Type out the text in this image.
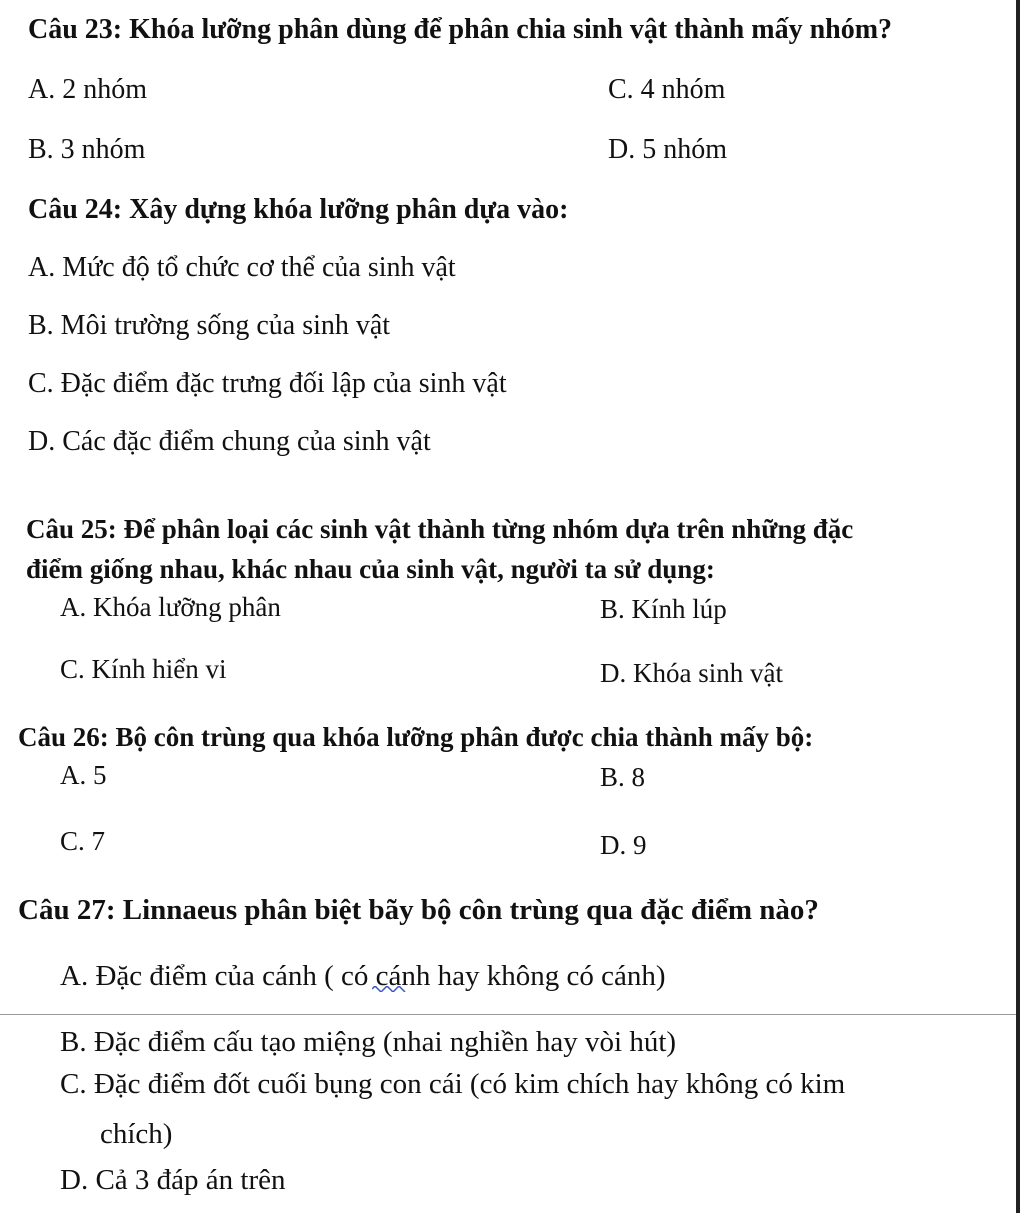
Câu 23: Khóa lưỡng phân dùng để phân chia sinh vật thành mấy nhóm?
A. 2 nhóm	C. 4 nhóm
B. 3 nhóm	D. 5 nhóm
Câu 24: Xây dựng khóa lưỡng phân dựa vào:
A. Mức độ tổ chức cơ thể của sinh vật
B. Môi trường sống của sinh vật
C. Đặc điểm đặc trưng đối lập của sinh vật
D. Các đặc điểm chung của sinh vật
Câu 25: Để phân loại các sinh vật thành từng nhóm dựa trên những đặc
điểm giống nhau, khác nhau của sinh vật, người ta sử dụng:
A. Khóa lưỡng phân	B. Kính lúp
C. Kính hiển vi	D. Khóa sinh vật
Câu 26: Bộ côn trùng qua khóa lưỡng phân được chia thành mấy bộ:
A. 5	B. 8
C. 7	D. 9
Câu 27: Linnaeus phân biệt bãy bộ côn trùng qua đặc điểm nào?
A. Đặc điểm của cánh ( có cánh hay không có cánh)
B. Đặc điểm cấu tạo miệng (nhai nghiền hay vòi hút)
C. Đặc điểm đốt cuối bụng con cái (có kim chích hay không có kim
chích)
D. Cả 3 đáp án trên
